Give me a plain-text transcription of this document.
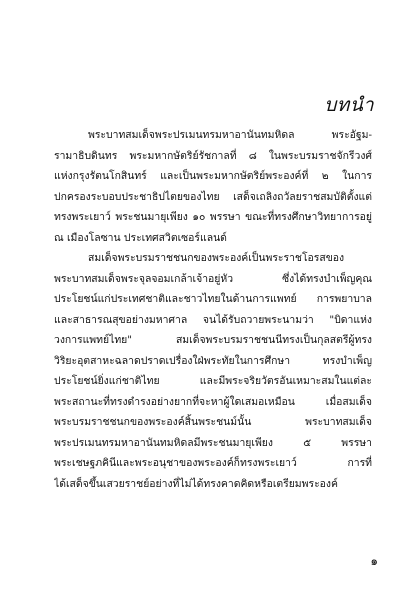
บทนำ
พระบาทสมเด็จพระปรเมนทรมหาอานันทมหิดล พระอัฐม-
รามาธิบดินทร พระมหากษัตริย์รัชกาลที่ ๘ ในพระบรมราชจักรีวงศ์
แห่งกรุงรัตนโกสินทร์ และเป็นพระมหากษัตริย์พระองค์ที่ ๒ ในการ
ปกครองระบอบประชาธิปไตยของไทย เสด็จเถลิงถวัลยราชสมบัติตั้งแต่
ทรงพระเยาว์ พระชนมายุเพียง ๑๐ พรรษา ขณะที่ทรงศึกษาวิทยาการอยู่
ณ เมืองโลซาน ประเทศสวิตเซอร์แลนด์
สมเด็จพระบรมราชชนกของพระองค์เป็นพระราชโอรสของ
พระบาทสมเด็จพระจุลจอมเกล้าเจ้าอยู่หัว ซึ่งได้ทรงบำเพ็ญคุณ
ประโยชน์แก่ประเทศชาติและชาวไทยในด้านการแพทย์ การพยาบาล
และสาธารณสุขอย่างมหาศาล จนได้รับถวายพระนามว่า "บิดาแห่ง
วงการแพทย์ไทย" สมเด็จพระบรมราชชนนีทรงเป็นกุลสตรีผู้ทรง
วิริยะอุตสาหะฉลาดปราดเปรื่องใฝ่พระทัยในการศึกษา ทรงบำเพ็ญ
ประโยชน์ยิ่งแก่ชาติไทย และมีพระจริยวัตรอันเหมาะสมในแต่ละ
พระสถานะที่ทรงดำรงอย่างยากที่จะหาผู้ใดเสมอเหมือน เมื่อสมเด็จ
พระบรมราชชนกของพระองค์สิ้นพระชนม์นั้น พระบาทสมเด็จ
พระปรเมนทรมหาอานันทมหิดลมีพระชนมายุเพียง ๕ พรรษา
พระเชษฐภคินีและพระอนุชาของพระองค์ก็ทรงพระเยาว์ การที่
ได้เสด็จขึ้นเสวยราชย์อย่างที่ไม่ได้ทรงคาดคิดหรือเตรียมพระองค์
๑
